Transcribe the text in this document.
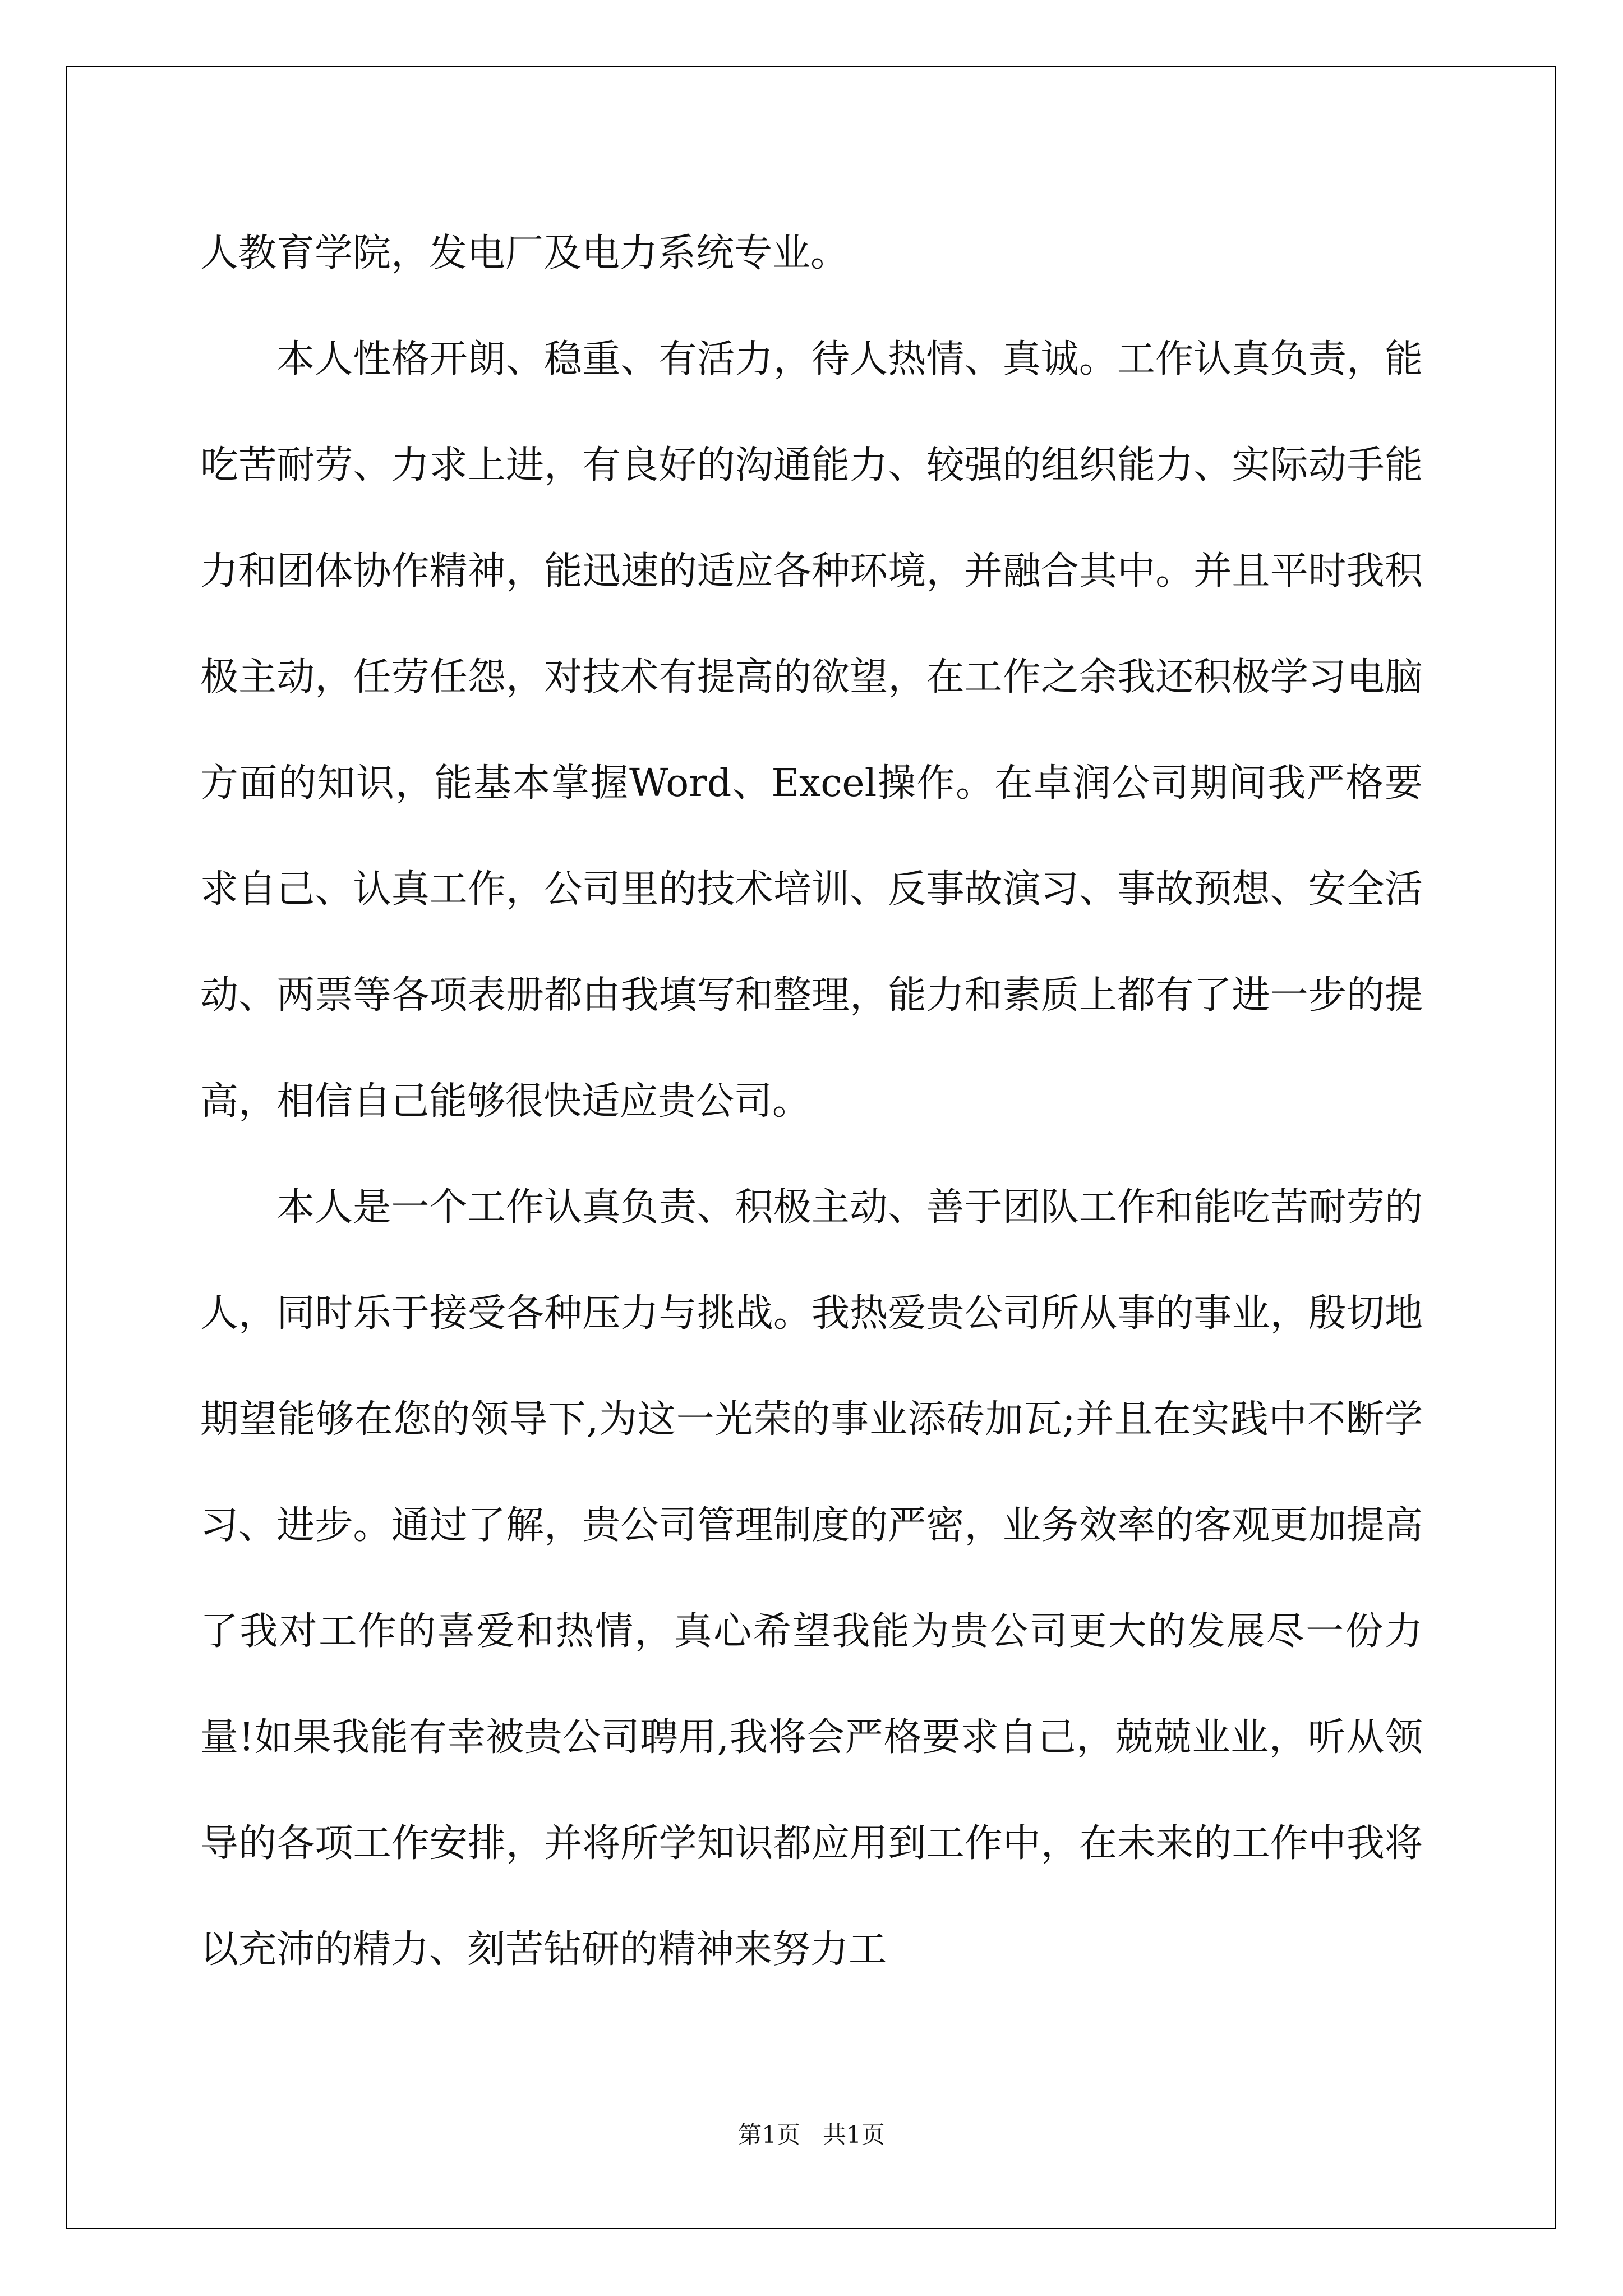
人教育学院，发电厂及电力系统专业。

本人性格开朗、稳重、有活力，待人热情、真诚。工作认真负责，能吃苦耐劳、力求上进，有良好的沟通能力、较强的组织能力、实际动手能力和团体协作精神，能迅速的适应各种环境，并融合其中。并且平时我积极主动，任劳任怨，对技术有提高的欲望，在工作之余我还积极学习电脑方面的知识，能基本掌握Word、Excel操作。在卓润公司期间我严格要求自己、认真工作，公司里的技术培训、反事故演习、事故预想、安全活动、两票等各项表册都由我填写和整理，能力和素质上都有了进一步的提高，相信自己能够很快适应贵公司。

本人是一个工作认真负责、积极主动、善于团队工作和能吃苦耐劳的人，同时乐于接受各种压力与挑战。我热爱贵公司所从事的事业，殷切地期望能够在您的领导下,为这一光荣的事业添砖加瓦;并且在实践中不断学习、进步。通过了解，贵公司管理制度的严密，业务效率的客观更加提高了我对工作的喜爱和热情，真心希望我能为贵公司更大的发展尽一份力量!如果我能有幸被贵公司聘用,我将会严格要求自己，兢兢业业，听从领导的各项工作安排，并将所学知识都应用到工作中，在未来的工作中我将以充沛的精力、刻苦钻研的精神来努力工

第1页   共1页
